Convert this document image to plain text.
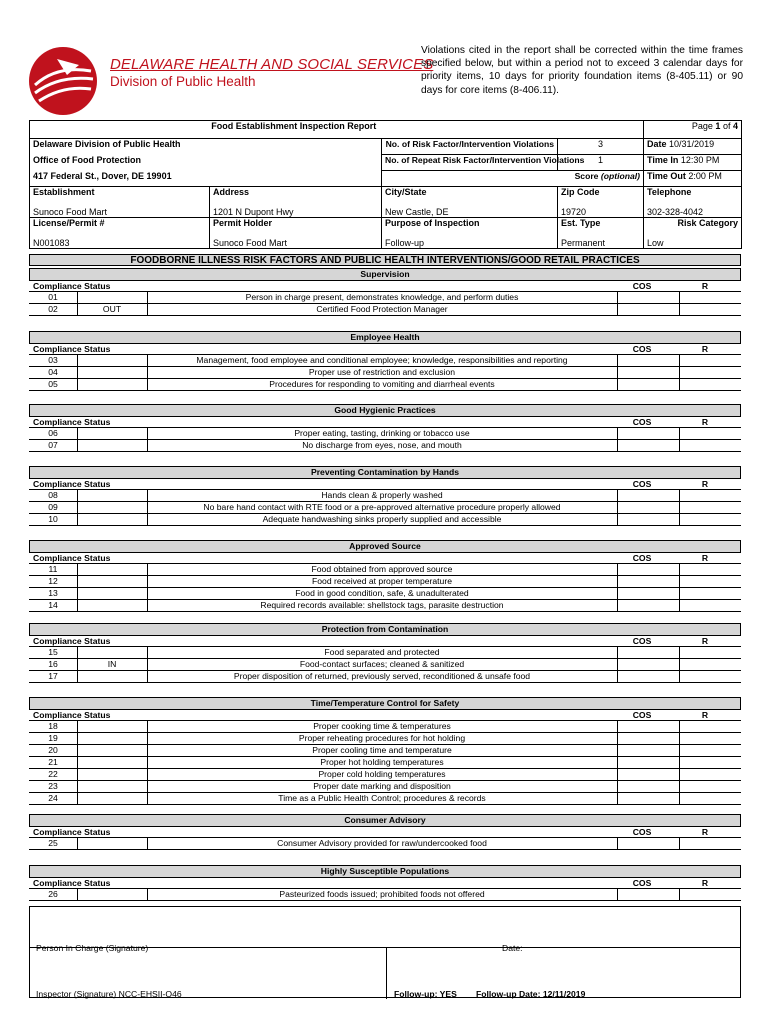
DELAWARE HEALTH AND SOCIAL SERVICES
Division of Public Health
Violations cited in the report shall be corrected within the time frames specified below, but within a period not to exceed 3 calendar days for priority items, 10 days for priority foundation items (8-405.11) or 90 days for core items (8-406.11).
Food Establishment Inspection Report				Page 1 of 4
Delaware Division of Public Health		No. of Risk Factor/Intervention Violations	3	Date 10/31/2019
Office of Food Protection		No. of Repeat Risk Factor/Intervention Violations	1	Time In 12:30 PM
417 Federal St., Dover, DE 19901		Score (optional)		Time Out 2:00 PM
Establishment	Address	City/State	Zip Code	Telephone
Sunoco Food Mart	1201 N Dupont Hwy	New Castle, DE	19720	302-328-4042
License/Permit #	Permit Holder	Purpose of Inspection	Est. Type	Risk Category
N001083	Sunoco Food Mart	Follow-up	Permanent	Low
FOODBORNE ILLNESS RISK FACTORS AND PUBLIC HEALTH INTERVENTIONS/GOOD RETAIL PRACTICES
Supervision
Compliance Status	COS	R
01	Person in charge present, demonstrates knowledge, and perform duties
02	OUT	Certified Food Protection Manager
Employee Health
Compliance Status	COS	R
03	Management, food employee and conditional employee; knowledge, responsibilities and reporting
04	Proper use of restriction and exclusion
05	Procedures for responding to vomiting and diarrheal events
Good Hygienic Practices
Compliance Status	COS	R
06	Proper eating, tasting, drinking or tobacco use
07	No discharge from eyes, nose, and mouth
Preventing Contamination by Hands
Compliance Status	COS	R
08	Hands clean & properly washed
09	No bare hand contact with RTE food or a pre-approved alternative procedure properly allowed
10	Adequate handwashing sinks properly supplied and accessible
Approved Source
Compliance Status	COS	R
11	Food obtained from approved source
12	Food received at proper temperature
13	Food in good condition, safe, & unadulterated
14	Required records available: shellstock tags, parasite destruction
Protection from Contamination
Compliance Status	COS	R
15	Food separated and protected
16	IN	Food-contact surfaces; cleaned & sanitized
17	Proper disposition of returned, previously served, reconditioned & unsafe food
Time/Temperature Control for Safety
Compliance Status	COS	R
18	Proper cooking time & temperatures
19	Proper reheating procedures for hot holding
20	Proper cooling time and temperature
21	Proper hot holding temperatures
22	Proper cold holding temperatures
23	Proper date marking and disposition
24	Time as a Public Health Control; procedures & records
Consumer Advisory
Compliance Status	COS	R
25	Consumer Advisory provided for raw/undercooked food
Highly Susceptible Populations
Compliance Status	COS	R
26	Pasteurized foods issued; prohibited foods not offered
Person In Charge (Signature)	Date:
Inspector (Signature) NCC-EHSII-O46	Follow-up: YES Follow-up Date: 12/11/2019
